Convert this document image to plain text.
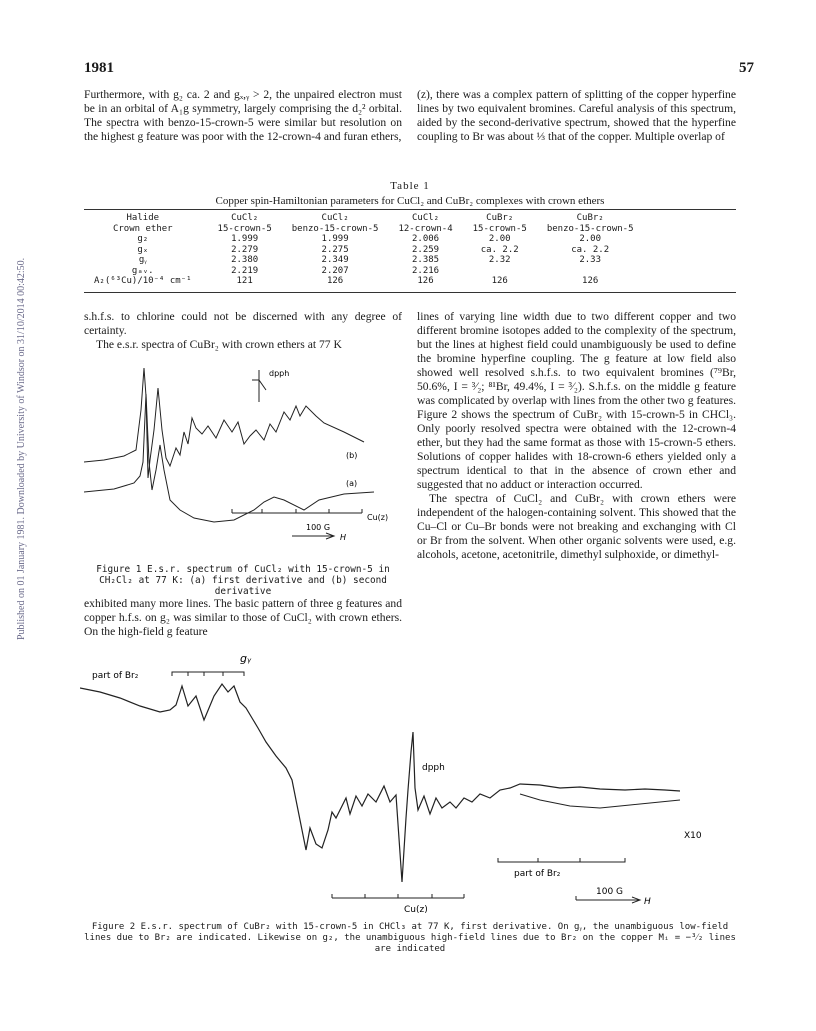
Published on 01 January 1981. Downloaded by University of Windsor on 31/10/2014 00:42:50.
1981	57
Furthermore, with g₂ ca. 2 and gₓ,ᵧ > 2, the unpaired electron must be in an orbital of A₁g symmetry, largely comprising the d₂² orbital. The spectra with benzo-15-crown-5 were similar but resolution on the highest g feature was poor with the 12-crown-4 and furan ethers,
(z), there was a complex pattern of splitting of the copper hyperfine lines by two equivalent bromines. Careful analysis of this spectrum, aided by the second-derivative spectrum, showed that the hyperfine coupling to Br was about ⅓ that of the copper. Multiple overlap of
Table 1
Copper spin-Hamiltonian parameters for CuCl₂ and CuBr₂ complexes with crown ethers
Halide	CuCl₂	CuCl₂	CuCl₂	CuBr₂	CuBr₂
Crown ether	15-crown-5	benzo-15-crown-5	12-crown-4	15-crown-5	benzo-15-crown-5
g₂	1.999	1.999	2.006	2.00	2.00
gₓ	2.279	2.275	2.259	ca. 2.2	ca. 2.2
gᵧ	2.380	2.349	2.385	2.32	2.33
gₐᵥ.	2.219	2.207	2.216		
A₂(⁶³Cu)/10⁻⁴ cm⁻¹	121	126	126	126	126

s.h.f.s. to chlorine could not be discerned with any degree of certainty.

The e.s.r. spectra of CuBr₂ with crown ethers at 77 K

dpph
(b)
(a)
Cu(z)
100 G
H
Figure 1 E.s.r. spectrum of CuCl₂ with 15-crown-5 in CH₂Cl₂ at 77 K: (a) first derivative and (b) second derivative
exhibited many more lines. The basic pattern of three g features and copper h.f.s. on g₂ was similar to those of CuCl₂ with crown ethers. On the high-field g feature

lines of varying line width due to two different copper and two different bromine isotopes added to the complexity of the spectrum, but the lines at highest field could unambiguously be used to define the bromine hyperfine coupling. The g feature at low field also showed well resolved s.h.f.s. to two equivalent bromines (⁷⁹Br, 50.6%, I = ³⁄₂; ⁸¹Br, 49.4%, I = ³⁄₂). S.h.f.s. on the middle g feature was complicated by overlap with lines from the other two g features. Figure 2 shows the spectrum of CuBr₂ with 15-crown-5 in CHCl₃. Only poorly resolved spectra were obtained with the 12-crown-4 ether, but they had the same format as those with 15-crown-5 ethers. Solutions of copper halides with 18-crown-6 ethers yielded only a spectrum identical to that in the absence of crown ether and suggested that no adduct or interaction occurred.

The spectra of CuCl₂ and CuBr₂ with crown ethers were independent of the halogen-containing solvent. This showed that the Cu–Cl or Cu–Br bonds were not breaking and exchanging with Cl or Br from the solvent. When other organic solvents were used, e.g. alcohols, acetone, acetonitrile, dimethyl sulphoxide, or dimethyl-

part of Br₂
gᵧ
X10
dpph
part of Br₂
100 G
H
Cu(z)
Figure 2 E.s.r. spectrum of CuBr₂ with 15-crown-5 in CHCl₃ at 77 K, first derivative. On gᵧ, the unambiguous low-field lines due to Br₂ are indicated. Likewise on g₂, the unambiguous high-field lines due to Br₂ on the copper Mᵢ = −³⁄₂ lines are indicated
